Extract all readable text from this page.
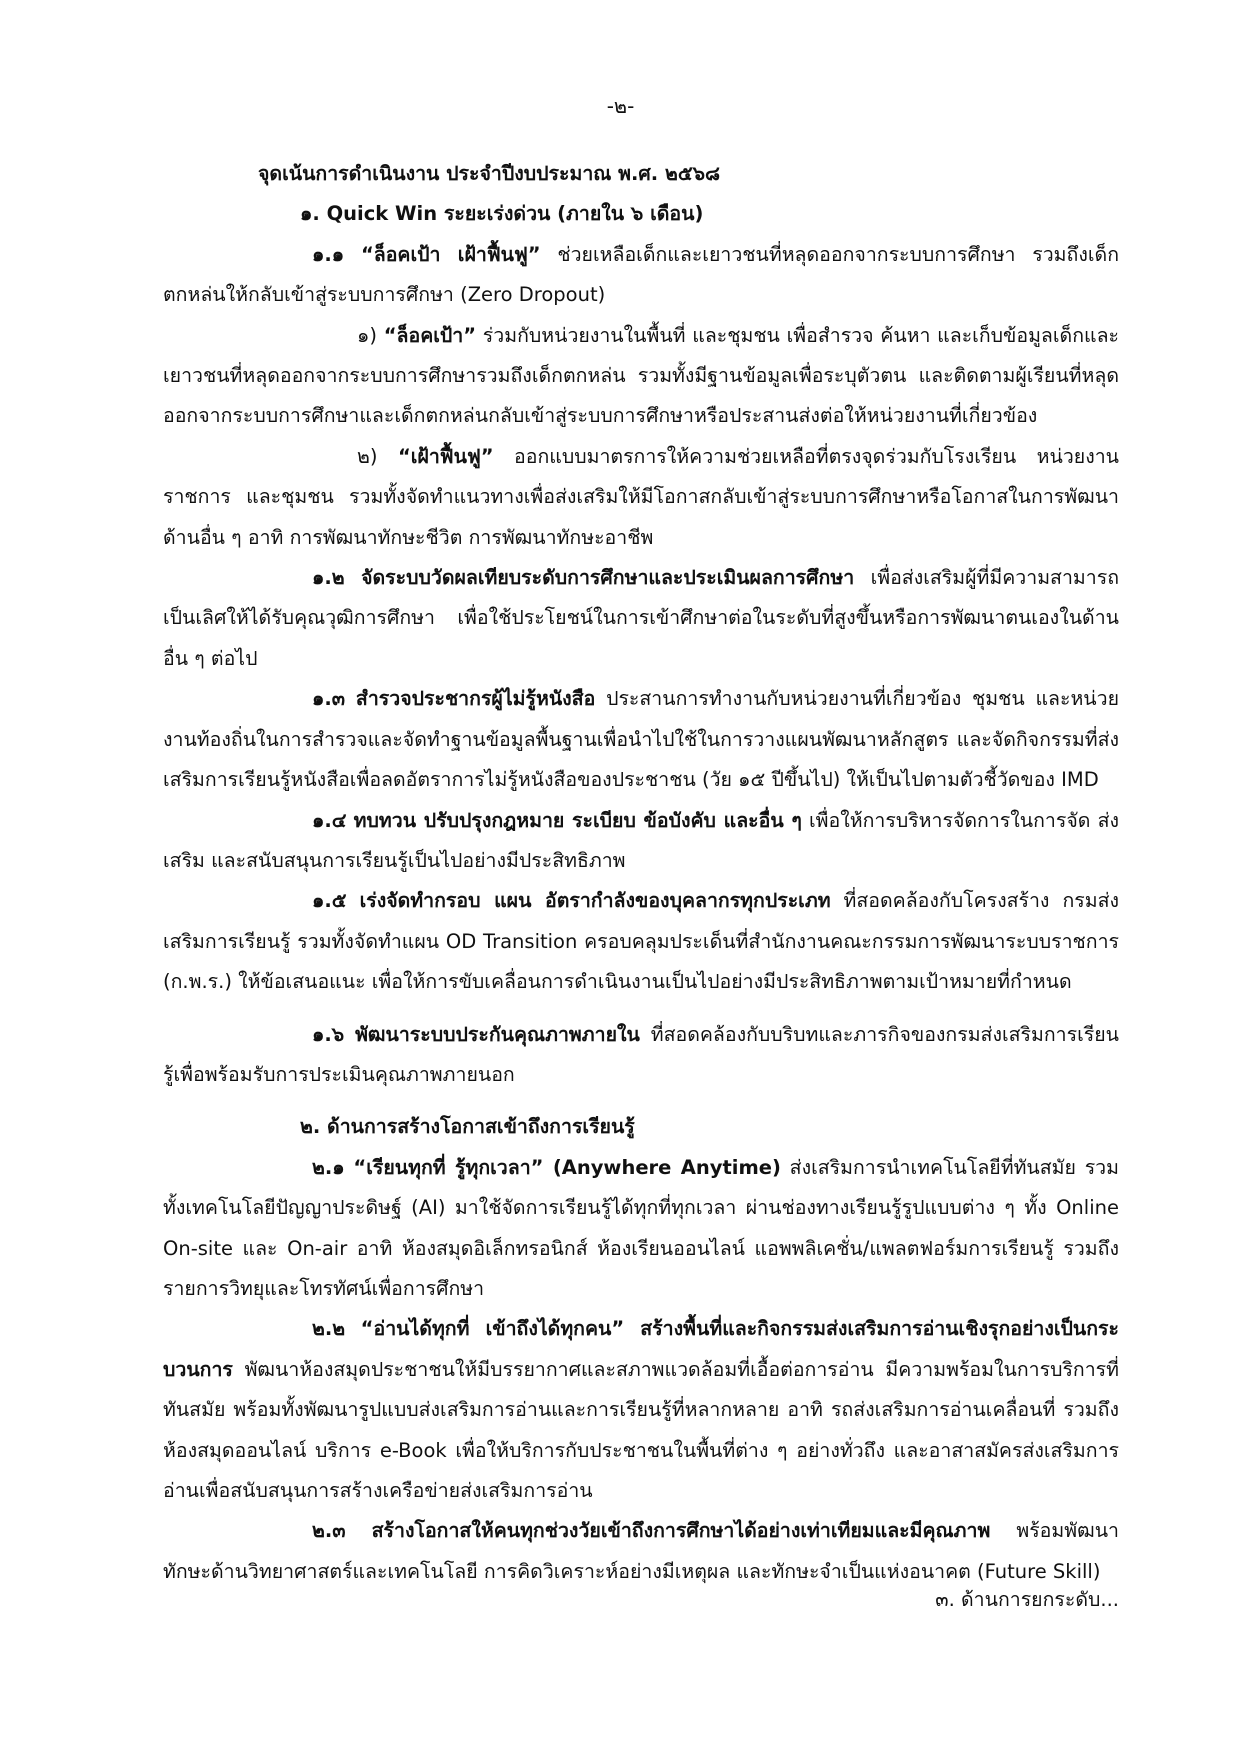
-๒-

จุดเน้นการดำเนินงาน ประจำปีงบประมาณ พ.ศ. ๒๕๖๘

๑. Quick Win ระยะเร่งด่วน (ภายใน ๖ เดือน)

๑.๑ “ล็อคเป้า เฝ้าฟื้นฟู” ช่วยเหลือเด็กและเยาวชนที่หลุดออกจากระบบการศึกษา รวมถึงเด็กตกหล่นให้กลับเข้าสู่ระบบการศึกษา (Zero Dropout)

๑) “ล็อคเป้า” ร่วมกับหน่วยงานในพื้นที่ และชุมชน เพื่อสำรวจ ค้นหา และเก็บข้อมูลเด็กและเยาวชนที่หลุดออกจากระบบการศึกษารวมถึงเด็กตกหล่น รวมทั้งมีฐานข้อมูลเพื่อระบุตัวตน และติดตามผู้เรียนที่หลุดออกจากระบบการศึกษาและเด็กตกหล่นกลับเข้าสู่ระบบการศึกษาหรือประสานส่งต่อให้หน่วยงานที่เกี่ยวข้อง

๒) “เฝ้าฟื้นฟู” ออกแบบมาตรการให้ความช่วยเหลือที่ตรงจุดร่วมกับโรงเรียน หน่วยงานราชการ และชุมชน รวมทั้งจัดทำแนวทางเพื่อส่งเสริมให้มีโอกาสกลับเข้าสู่ระบบการศึกษาหรือโอกาสในการพัฒนาด้านอื่น ๆ อาทิ การพัฒนาทักษะชีวิต การพัฒนาทักษะอาชีพ

๑.๒ จัดระบบวัดผลเทียบระดับการศึกษาและประเมินผลการศึกษา เพื่อส่งเสริมผู้ที่มีความสามารถเป็นเลิศให้ได้รับคุณวุฒิการศึกษา เพื่อใช้ประโยชน์ในการเข้าศึกษาต่อในระดับที่สูงขึ้นหรือการพัฒนาตนเองในด้านอื่น ๆ ต่อไป

๑.๓ สำรวจประชากรผู้ไม่รู้หนังสือ ประสานการทำงานกับหน่วยงานที่เกี่ยวข้อง ชุมชน และหน่วยงานท้องถิ่นในการสำรวจและจัดทำฐานข้อมูลพื้นฐานเพื่อนำไปใช้ในการวางแผนพัฒนาหลักสูตร และจัดกิจกรรมที่ส่งเสริมการเรียนรู้หนังสือเพื่อลดอัตราการไม่รู้หนังสือของประชาชน (วัย ๑๕ ปีขึ้นไป) ให้เป็นไปตามตัวชี้วัดของ IMD

๑.๔ ทบทวน ปรับปรุงกฎหมาย ระเบียบ ข้อบังคับ และอื่น ๆ เพื่อให้การบริหารจัดการในการจัด ส่งเสริม และสนับสนุนการเรียนรู้เป็นไปอย่างมีประสิทธิภาพ

๑.๕ เร่งจัดทำกรอบ แผน อัตรากำลังของบุคลากรทุกประเภท ที่สอดคล้องกับโครงสร้าง กรมส่งเสริมการเรียนรู้ รวมทั้งจัดทำแผน OD Transition ครอบคลุมประเด็นที่สำนักงานคณะกรรมการพัฒนาระบบราชการ (ก.พ.ร.) ให้ข้อเสนอแนะ เพื่อให้การขับเคลื่อนการดำเนินงานเป็นไปอย่างมีประสิทธิภาพตามเป้าหมายที่กำหนด

๑.๖ พัฒนาระบบประกันคุณภาพภายใน ที่สอดคล้องกับบริบทและภารกิจของกรมส่งเสริมการเรียนรู้เพื่อพร้อมรับการประเมินคุณภาพภายนอก

๒. ด้านการสร้างโอกาสเข้าถึงการเรียนรู้

๒.๑ “เรียนทุกที่ รู้ทุกเวลา” (Anywhere Anytime) ส่งเสริมการนำเทคโนโลยีที่ทันสมัย รวมทั้งเทคโนโลยีปัญญาประดิษฐ์ (AI) มาใช้จัดการเรียนรู้ได้ทุกที่ทุกเวลา ผ่านช่องทางเรียนรู้รูปแบบต่าง ๆ ทั้ง Online On-site และ On-air อาทิ ห้องสมุดอิเล็กทรอนิกส์ ห้องเรียนออนไลน์ แอพพลิเคชั่น/แพลตฟอร์มการเรียนรู้ รวมถึงรายการวิทยุและโทรทัศน์เพื่อการศึกษา

๒.๒ “อ่านได้ทุกที่ เข้าถึงได้ทุกคน” สร้างพื้นที่และกิจกรรมส่งเสริมการอ่านเชิงรุกอย่างเป็นกระบวนการ พัฒนาห้องสมุดประชาชนให้มีบรรยากาศและสภาพแวดล้อมที่เอื้อต่อการอ่าน มีความพร้อมในการบริการที่ทันสมัย พร้อมทั้งพัฒนารูปแบบส่งเสริมการอ่านและการเรียนรู้ที่หลากหลาย อาทิ รถส่งเสริมการอ่านเคลื่อนที่ รวมถึงห้องสมุดออนไลน์ บริการ e-Book เพื่อให้บริการกับประชาชนในพื้นที่ต่าง ๆ อย่างทั่วถึง และอาสาสมัครส่งเสริมการอ่านเพื่อสนับสนุนการสร้างเครือข่ายส่งเสริมการอ่าน

๒.๓ สร้างโอกาสให้คนทุกช่วงวัยเข้าถึงการศึกษาได้อย่างเท่าเทียมและมีคุณภาพ พร้อมพัฒนาทักษะด้านวิทยาศาสตร์และเทคโนโลยี การคิดวิเคราะห์อย่างมีเหตุผล และทักษะจำเป็นแห่งอนาคต (Future Skill)

๓. ด้านการยกระดับ...
